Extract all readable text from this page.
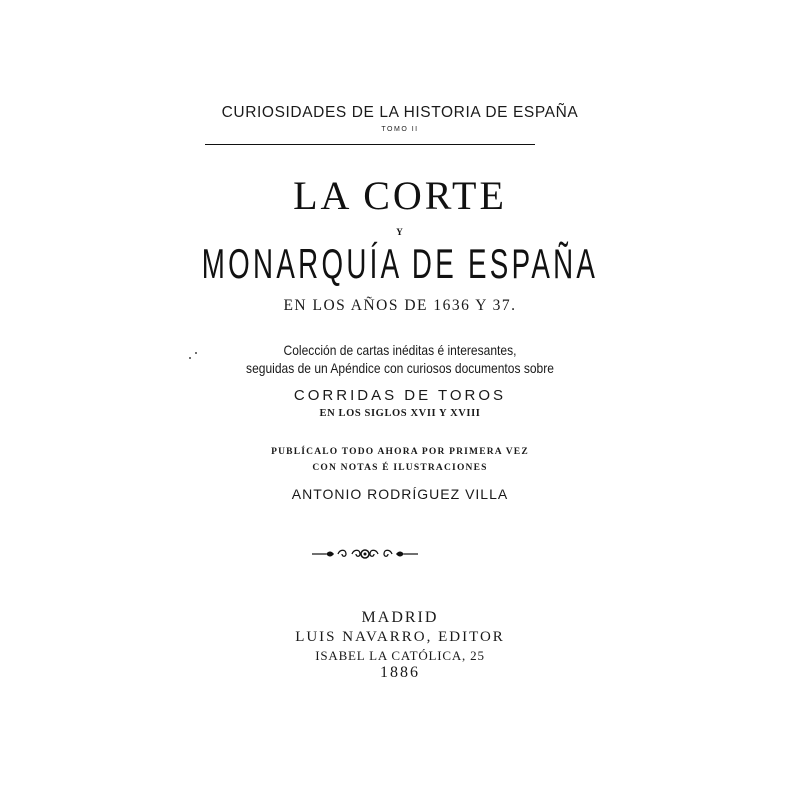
CURIOSIDADES DE LA HISTORIA DE ESPAÑA
TOMO II
LA CORTE
Y
MONARQUÍA DE ESPAÑA
EN LOS AÑOS DE 1636 Y 37.
Colección de cartas inéditas é interesantes,
seguidas de un Apéndice con curiosos documentos sobre
CORRIDAS DE TOROS
EN LOS SIGLOS XVII Y XVIII
PUBLÍCALO TODO AHORA POR PRIMERA VEZ
CON NOTAS É ILUSTRACIONES
ANTONIO RODRÍGUEZ VILLA
MADRID
LUIS NAVARRO, EDITOR
ISABEL LA CATÓLICA, 25
1886
